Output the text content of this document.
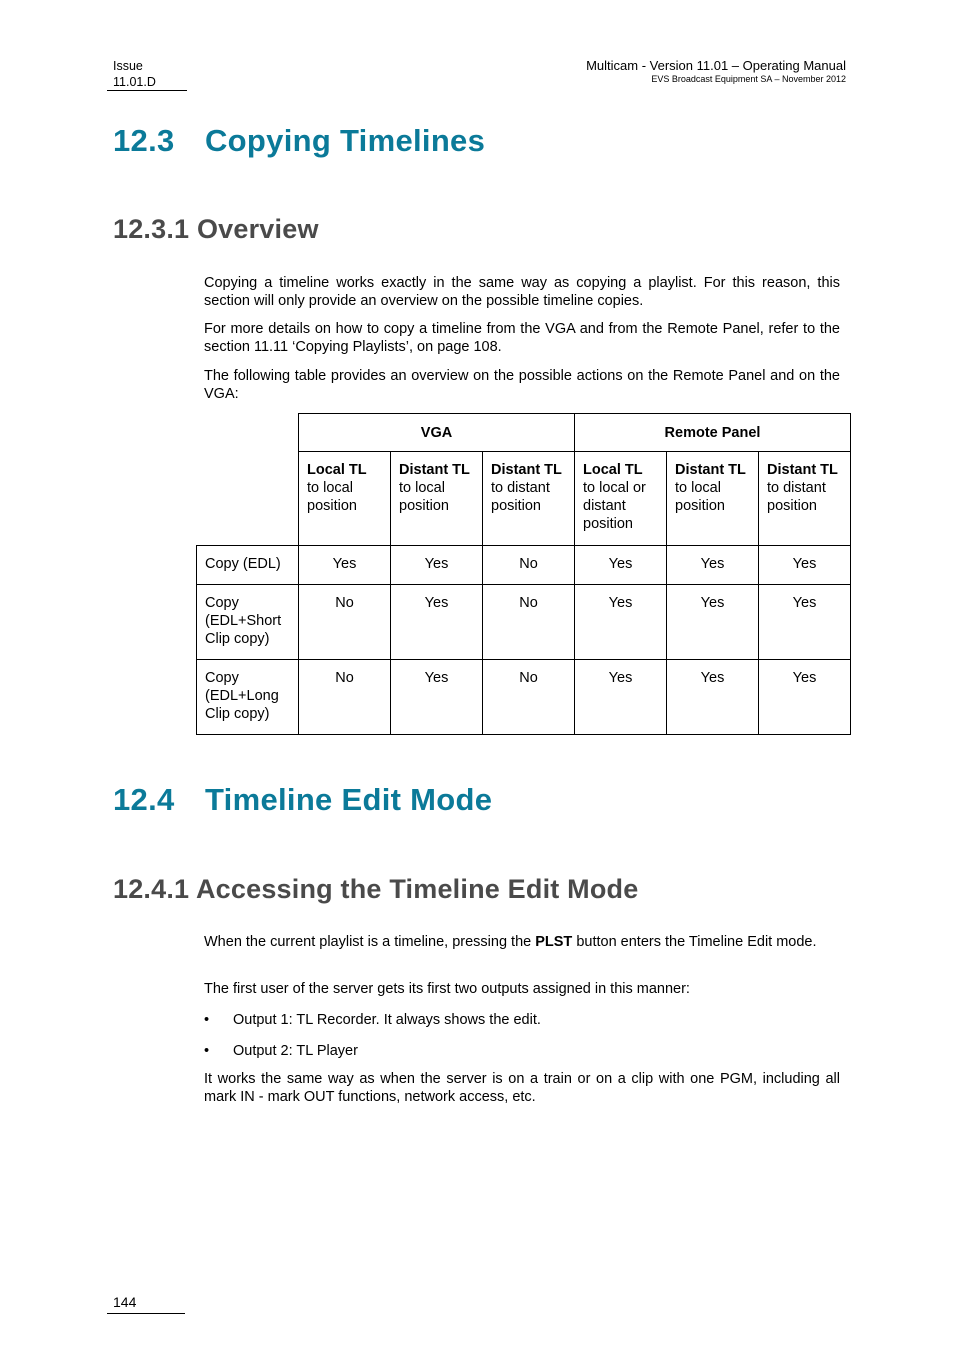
Issue
11.01.D
Multicam - Version 11.01 – Operating Manual
EVS Broadcast Equipment SA – November 2012
12.3 Copying Timelines
12.3.1 Overview

Copying a timeline works exactly in the same way as copying a playlist. For this reason, this section will only provide an overview on the possible timeline copies.

For more details on how to copy a timeline from the VGA and from the Remote Panel, refer to the section 11.11 ‘Copying Playlists’, on page 108.

The following table provides an overview on the possible actions on the Remote Panel and on the VGA:

	VGA			Remote Panel		
	Local TL to local position	Distant TL to local position	Distant TL to distant position	Local TL to local or distant position	Distant TL to local position	Distant TL to distant position
Copy (EDL)	Yes	Yes	No	Yes	Yes	Yes
Copy (EDL+Short Clip copy)	No	Yes	No	Yes	Yes	Yes
Copy (EDL+Long Clip copy)	No	Yes	No	Yes	Yes	Yes
12.4 Timeline Edit Mode
12.4.1 Accessing the Timeline Edit Mode

When the current playlist is a timeline, pressing the PLST button enters the Timeline Edit mode.

The first user of the server gets its first two outputs assigned in this manner:

• Output 1: TL Recorder. It always shows the edit.
• Output 2: TL Player

It works the same way as when the server is on a train or on a clip with one PGM, including all mark IN - mark OUT functions, network access, etc.

144
